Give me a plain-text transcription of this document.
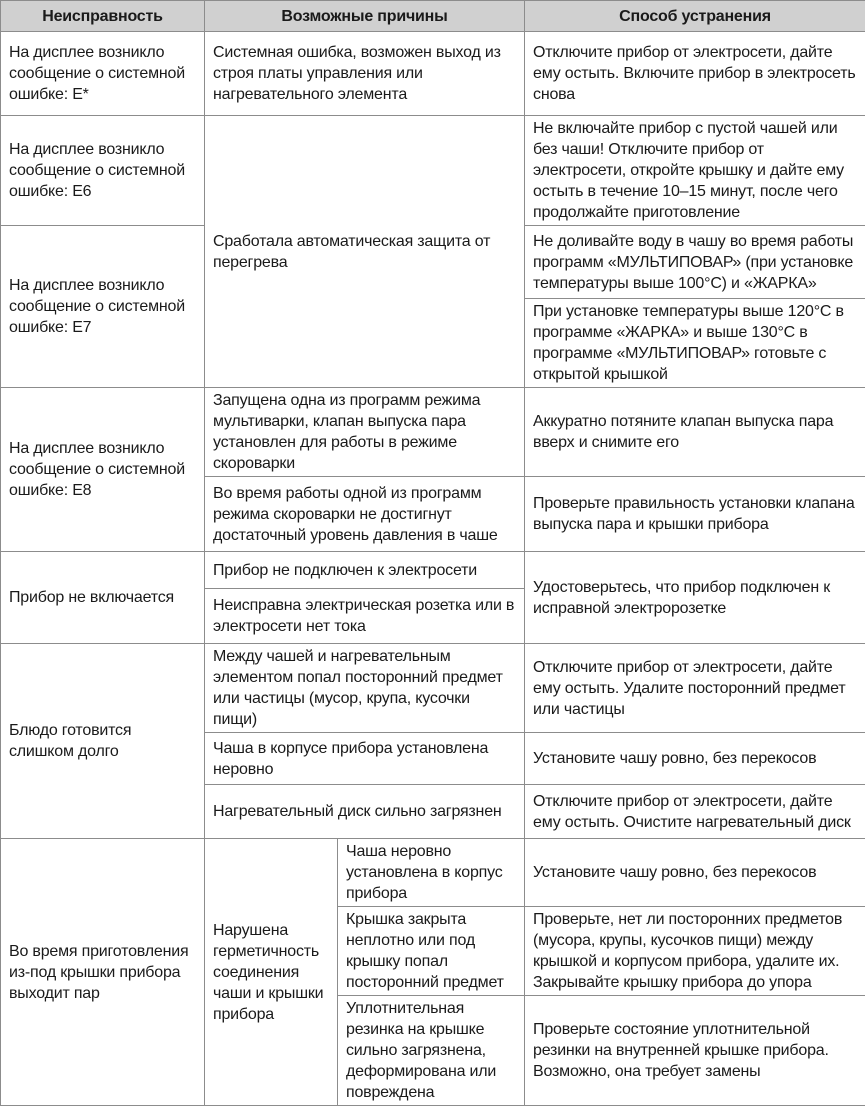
Неисправность	Возможные причины		Способ устранения
На дисплее возникло сообщение о системной ошибке: Е*	Системная ошибка, возможен выход из строя платы управления или нагревательного элемента		Отключите прибор от электросети, дайте ему остыть. Включите прибор в электросеть снова
На дисплее возникло сообщение о системной ошибке: Е6	Сработала автоматическая защита от перегрева		Не включайте прибор с пустой чашей или без чаши! Отключите прибор от электросети, откройте крышку и дайте ему остыть в течение 10–15 минут, после чего продолжайте приготовление
На дисплее возникло сообщение о системной ошибке: Е7			Не доливайте воду в чашу во время работы программ «МУЛЬТИПОВАР» (при установке температуры выше 100°С) и «ЖАРКА»
			При установке температуры выше 120°С в программе «ЖАРКА» и выше 130°С в программе «МУЛЬТИПОВАР» готовьте с открытой крышкой
На дисплее возникло сообщение о системной ошибке: Е8	Запущена одна из программ режима мультиварки, клапан выпуска пара установлен для работы в режиме скороварки		Аккуратно потяните клапан выпуска пара вверх и снимите его
	Во время работы одной из программ режима скороварки не достигнут достаточный уровень давления в чаше		Проверьте правильность установки клапана выпуска пара и крышки прибора
Прибор не включается	Прибор не подключен к электросети		Удостоверьтесь, что прибор подключен к исправной электророзетке
	Неисправна электрическая розетка или в электросети нет тока		
Блюдо готовится слишком долго	Между чашей и нагревательным элементом попал посторонний предмет или частицы (мусор, крупа, кусочки пищи)		Отключите прибор от электросети, дайте ему остыть. Удалите посторонний предмет или частицы
	Чаша в корпусе прибора установлена неровно		Установите чашу ровно, без перекосов
	Нагревательный диск сильно загрязнен		Отключите прибор от электросети, дайте ему остыть. Очистите нагревательный диск
Во время приготовления из-под крышки прибора выходит пар	Нарушена герметичность соединения чаши и крышки прибора	Чаша неровно установлена в корпус прибора	Установите чашу ровно, без перекосов
		Крышка закрыта неплотно или под крышку попал посторонний предмет	Проверьте, нет ли посторонних предметов (мусора, крупы, кусочков пищи) между крышкой и корпусом прибора, удалите их. Закрывайте крышку прибора до упора
		Уплотнительная резинка на крышке сильно загрязнена, деформирована или повреждена	Проверьте состояние уплотнительной резинки на внутренней крышке прибора. Возможно, она требует замены
